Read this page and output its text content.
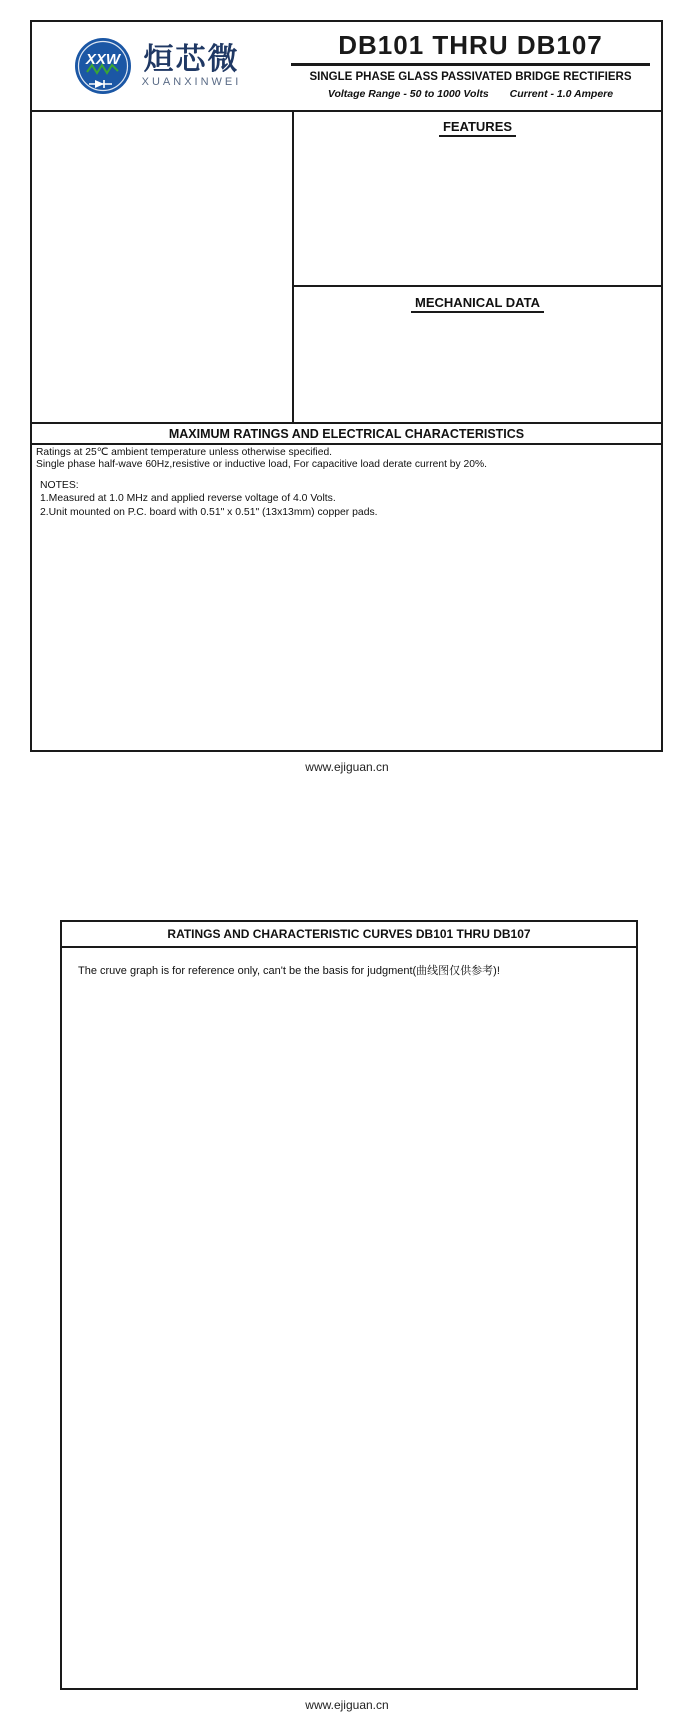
XXW 烜芯微
XUANXINWEI
DB101 THRU DB107
SINGLE PHASE GLASS PASSIVATED BRIDGE RECTIFIERS
Voltage Range - 50 to 1000 Volts Current - 1.0 Ampere
FEATURES
MECHANICAL DATA
MAXIMUM RATINGS AND ELECTRICAL CHARACTERISTICS
Ratings at 25℃ ambient temperature unless otherwise specified.
Single phase half-wave 60Hz,resistive or inductive load, For capacitive load derate current by 20%.
NOTES:
1.Measured at 1.0 MHz and applied reverse voltage of 4.0 Volts.
2.Unit mounted on P.C. board with 0.51" x 0.51" (13x13mm) copper pads.
www.ejiguan.cn
RATINGS AND CHARACTERISTIC CURVES DB101 THRU DB107
The cruve graph is for reference only, can't be the basis for judgment(曲线图仅供参考)!
www.ejiguan.cn
